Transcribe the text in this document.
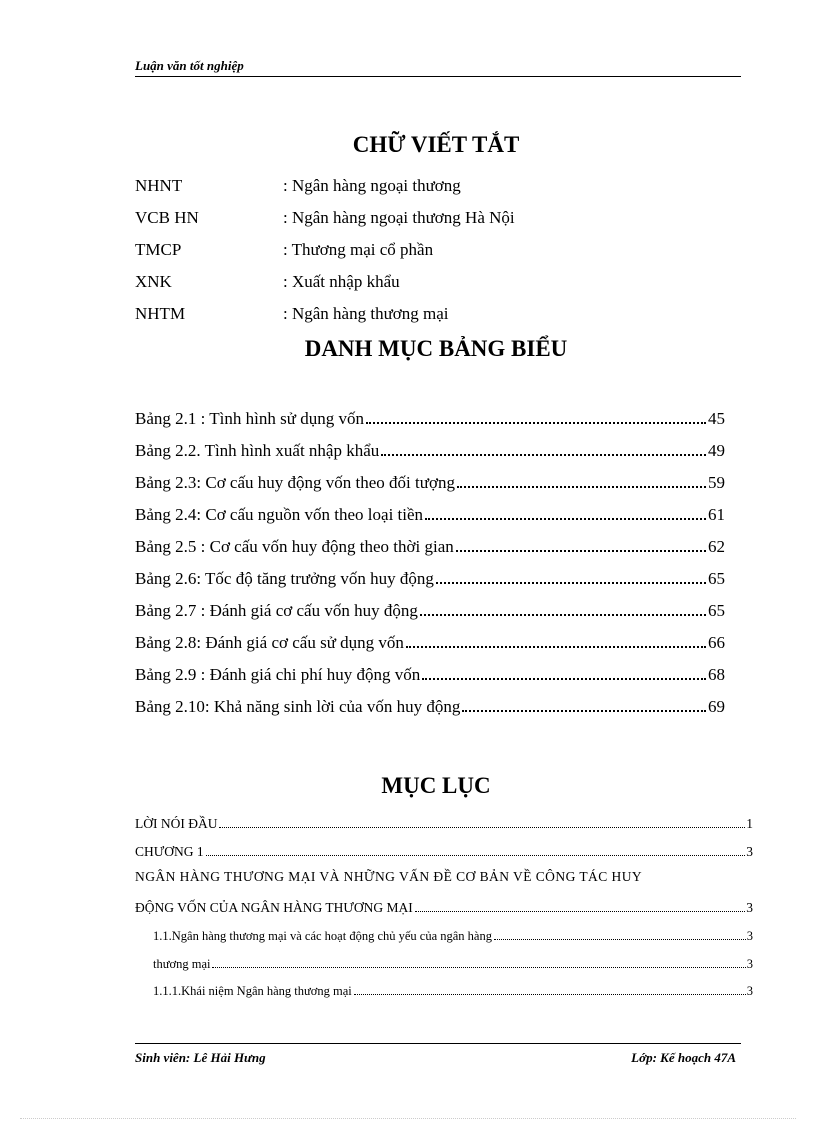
Luận văn tốt nghiệp
CHỮ VIẾT TẮT
NHNT	: Ngân hàng ngoại thương
VCB HN	: Ngân hàng ngoại thương Hà Nội
TMCP	: Thương mại cổ phần
XNK	: Xuất nhập khẩu
NHTM	: Ngân hàng thương mại
DANH MỤC BẢNG BIỂU
Bảng 2.1 : Tình hình sử dụng vốn	45
Bảng 2.2. Tình hình xuất nhập khẩu	49
Bảng 2.3: Cơ cấu huy động vốn theo đối tượng	59
Bảng 2.4: Cơ cấu nguồn vốn theo loại tiền	61
Bảng 2.5 : Cơ cấu vốn huy động theo thời gian	62
Bảng 2.6: Tốc độ tăng trưởng vốn huy động	65
Bảng 2.7 : Đánh giá cơ cấu vốn huy động	65
Bảng 2.8: Đánh giá cơ cấu sử dụng vốn	66
Bảng 2.9 : Đánh giá chi phí huy động vốn	68
Bảng 2.10: Khả năng sinh lời của vốn huy động	69
MỤC LỤC
LỜI NÓI ĐẦU	1
CHƯƠNG 1	3
NGÂN HÀNG THƯƠNG MẠI VÀ NHỮNG VẤN ĐỀ CƠ BẢN VỀ CÔNG TÁC HUY
ĐỘNG VỐN CỦA NGÂN HÀNG THƯƠNG MẠI	3
1.1.Ngân hàng thương mại và các hoạt động chủ yếu của ngân hàng	3
thương mại	3
1.1.1.Khái niệm Ngân hàng thương mại	3
Sinh viên: Lê Hải Hưng	Lớp: Kế hoạch 47A
